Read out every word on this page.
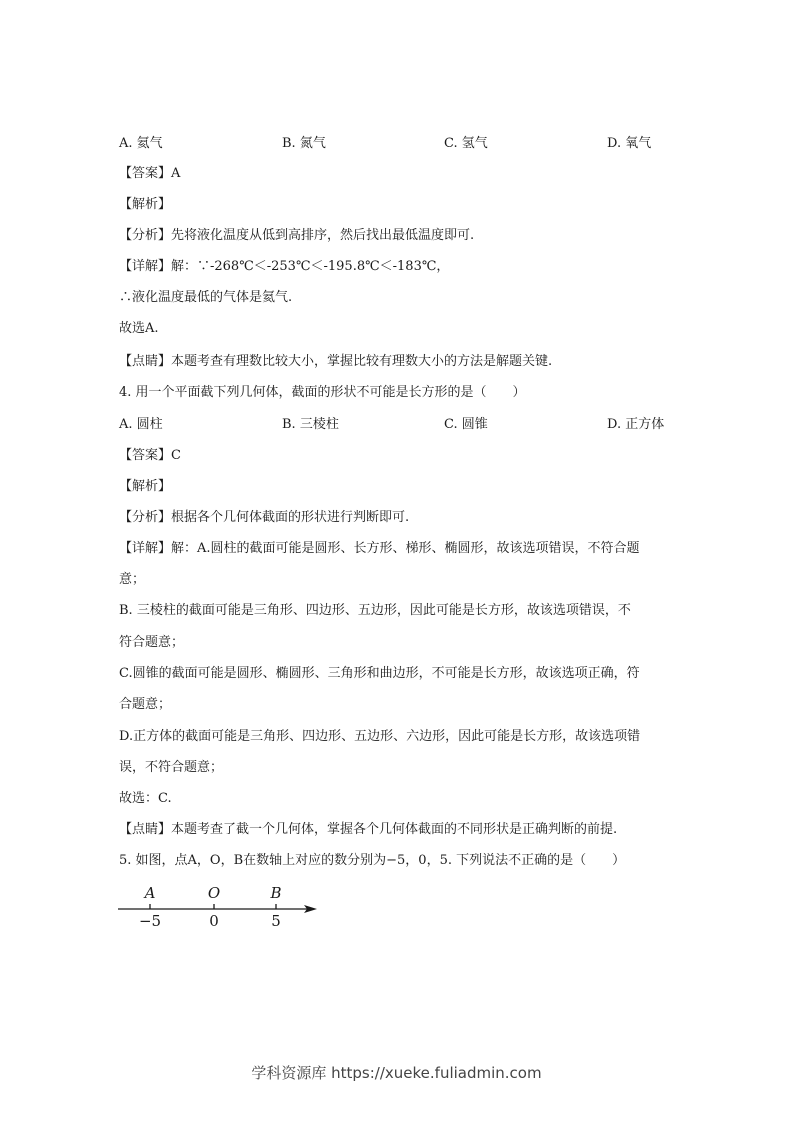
A. 氦气	B. 氮气	C. 氢气	D. 氧气
【答案】A
【解析】
【分析】先将液化温度从低到高排序，然后找出最低温度即可.
【详解】解：∵-268℃＜-253℃＜-195.8℃＜-183℃，
∴液化温度最低的气体是氦气.
故选A.
【点睛】本题考查有理数比较大小，掌握比较有理数大小的方法是解题关键.
4. 用一个平面截下列几何体，截面的形状不可能是长方形的是（　　）
A. 圆柱	B. 三棱柱	C. 圆锥	D. 正方体
【答案】C
【解析】
【分析】根据各个几何体截面的形状进行判断即可.
【详解】解：A.圆柱的截面可能是圆形、长方形、梯形、椭圆形，故该选项错误，不符合题
意；
B. 三棱柱的截面可能是三角形、四边形、五边形，因此可能是长方形，故该选项错误，不
符合题意；
C.圆锥的截面可能是圆形、椭圆形、三角形和曲边形，不可能是长方形，故该选项正确，符
合题意；
D.正方体的截面可能是三角形、四边形、五边形、六边形，因此可能是长方形，故该选项错
误，不符合题意；
故选：C.
【点睛】本题考查了截一个几何体，掌握各个几何体截面的不同形状是正确判断的前提.
5. 如图，点A，O，B在数轴上对应的数分别为−5，0，5. 下列说法不正确的是（　　）
A
−5
O
0
B
5
学科资源库 https://xueke.fuliadmin.com
